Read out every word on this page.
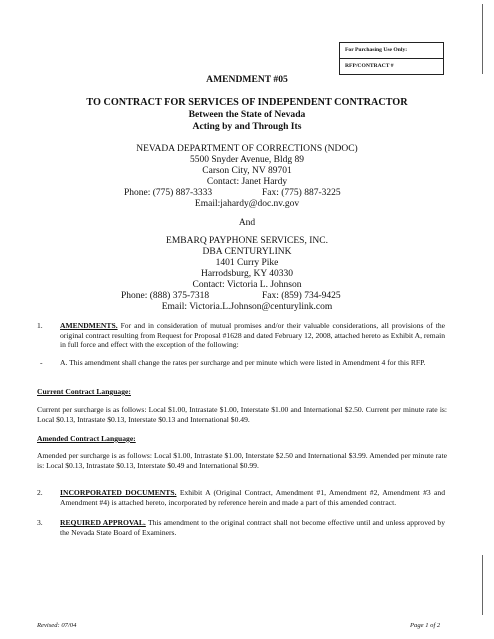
For Purchasing Use Only:
RFP/CONTRACT #
AMENDMENT #05
TO CONTRACT FOR SERVICES OF INDEPENDENT CONTRACTOR
Between the State of Nevada
Acting by and Through Its
NEVADA DEPARTMENT OF CORRECTIONS (NDOC)
5500 Snyder Avenue, Bldg 89
Carson City, NV 89701
Contact: Janet Hardy
Phone: (775) 887-3333	Fax: (775) 887-3225
Email:jahardy@doc.nv.gov
And
EMBARQ PAYPHONE SERVICES, INC.
DBA CENTURYLINK
1401 Curry Pike
Harrodsburg, KY 40330
Contact: Victoria L. Johnson
Phone: (888) 375-7318	Fax: (859) 734-9425
Email: Victoria.L.Johnson@centurylink.com
1. AMENDMENTS. For and in consideration of mutual promises and/or their valuable considerations, all provisions of the original contract resulting from Request for Proposal #1628 and dated February 12, 2008, attached hereto as Exhibit A, remain in full force and effect with the exception of the following:
- A. This amendment shall change the rates per surcharge and per minute which were listed in Amendment 4 for this RFP.
Current Contract Language:
Current per surcharge is as follows: Local $1.00, Intrastate $1.00, Interstate $1.00 and International $2.50. Current per minute rate is: Local $0.13, Intrastate $0.13, Interstate $0.13 and International $0.49.
Amended Contract Language:
Amended per surcharge is as follows: Local $1.00, Intrastate $1.00, Interstate $2.50 and International $3.99. Amended per minute rate is: Local $0.13, Intrastate $0.13, Interstate $0.49 and International $0.99.
2. INCORPORATED DOCUMENTS. Exhibit A (Original Contract, Amendment #1, Amendment #2, Amendment #3 and Amendment #4) is attached hereto, incorporated by reference herein and made a part of this amended contract.
3. REQUIRED APPROVAL. This amendment to the original contract shall not become effective until and unless approved by the Nevada State Board of Examiners.
Revised: 07/04	Page 1 of 2
